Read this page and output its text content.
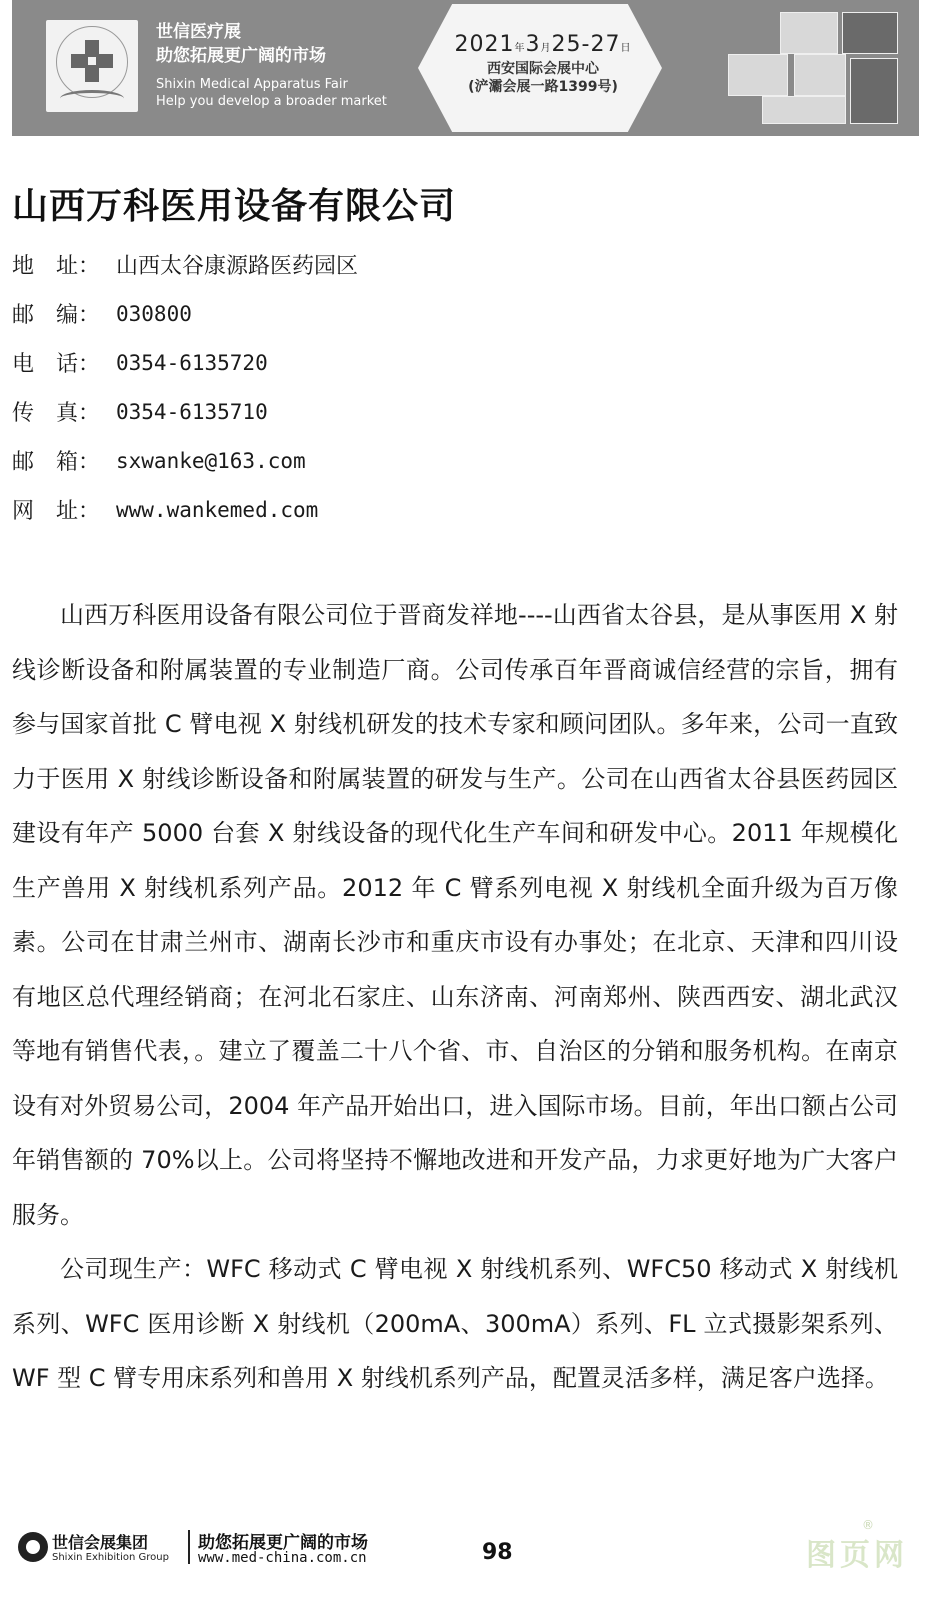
世信医疗展
助您拓展更广阔的市场
Shixin Medical Apparatus Fair
Help you develop a broader market
2021年3月25-27日
西安国际会展中心
(浐灞会展一路1399号)
山西万科医用设备有限公司
地　址： 山西太谷康源路医药园区
邮　编： 030800
电　话： 0354-6135720
传　真： 0354-6135710
邮　箱： sxwanke@163.com
网　址： www.wankemed.com

山西万科医用设备有限公司位于晋商发祥地----山西省太谷县，是从事医用 X 射线诊断设备和附属装置的专业制造厂商。公司传承百年晋商诚信经营的宗旨，拥有参与国家首批 C 臂电视 X 射线机研发的技术专家和顾问团队。多年来，公司一直致力于医用 X 射线诊断设备和附属装置的研发与生产。公司在山西省太谷县医药园区建设有年产 5000 台套 X 射线设备的现代化生产车间和研发中心。2011 年规模化生产兽用 X 射线机系列产品。2012 年 C 臂系列电视 X 射线机全面升级为百万像素。公司在甘肃兰州市、湖南长沙市和重庆市设有办事处；在北京、天津和四川设有地区总代理经销商；在河北石家庄、山东济南、河南郑州、陕西西安、湖北武汉等地有销售代表，。建立了覆盖二十八个省、市、自治区的分销和服务机构。在南京设有对外贸易公司，2004 年产品开始出口，进入国际市场。目前，年出口额占公司年销售额的 70%以上。公司将坚持不懈地改进和开发产品，力求更好地为广大客户服务。

公司现生产：WFC 移动式 C 臂电视 X 射线机系列、WFC50 移动式 X 射线机系列、WFC 医用诊断 X 射线机（200mA、300mA）系列、FL 立式摄影架系列、WF 型 C 臂专用床系列和兽用 X 射线机系列产品，配置灵活多样，满足客户选择。

世信会展集团
Shixin Exhibition Group
助您拓展更广阔的市场
www.med-china.com.cn	98	图页网
®
